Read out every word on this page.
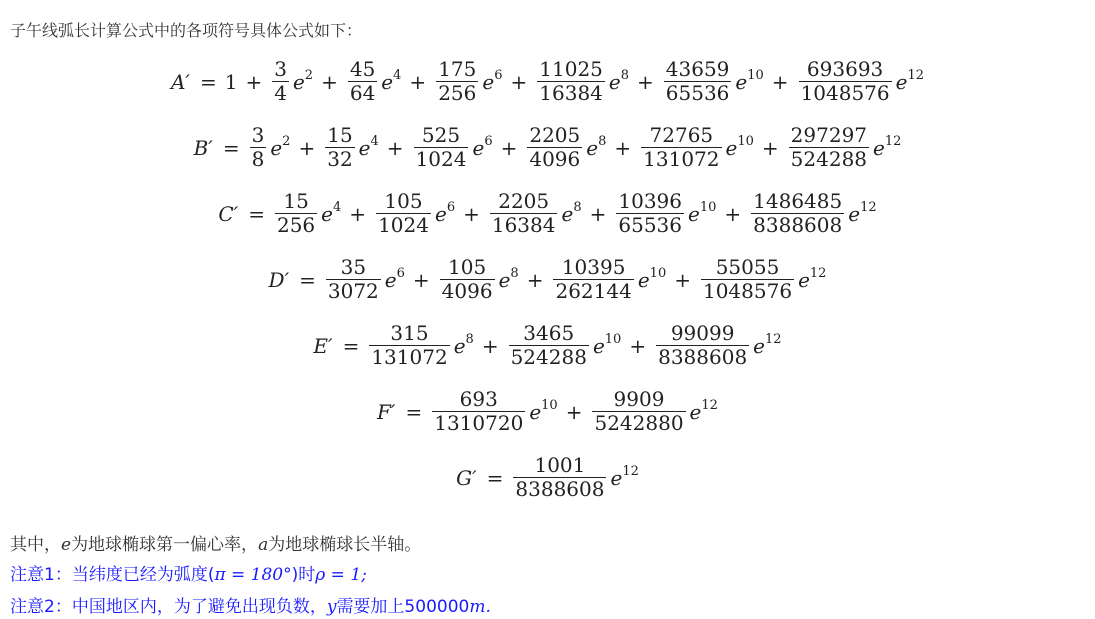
子午线弧长计算公式中的各项符号具体公式如下：
$A' = 1 + \frac{3}{4} e^2 + \frac{45}{64} e^4 + \frac{175}{256} e^6 + \frac{11025}{16384} e^8 + \frac{43659}{65536} e^{10} + \frac{693693}{1048576} e^{12}$
$B' = \frac{3}{8} e^2 + \frac{15}{32} e^4 + \frac{525}{1024} e^6 + \frac{2205}{4096} e^8 + \frac{72765}{131072} e^{10} + \frac{297297}{524288} e^{12}$
$C' = \frac{15}{256} e^4 + \frac{105}{1024} e^6 + \frac{2205}{16384} e^8 + \frac{10396}{65536} e^{10} + \frac{1486485}{8388608} e^{12}$
$D' = \frac{35}{3072} e^6 + \frac{105}{4096} e^8 + \frac{10395}{262144} e^{10} + \frac{55055}{1048576} e^{12}$
$E' = \frac{315}{131072} e^8 + \frac{3465}{524288} e^{10} + \frac{99099}{8388608} e^{12}$
$F' = \frac{693}{1310720} e^{10} + \frac{9909}{5242880} e^{12}$
$G' = \frac{1001}{8388608} e^{12}$
其中，e为地球椭球第一偏心率，a为地球椭球长半轴。
注意1：当纬度已经为弧度(π = 180°)时ρ = 1;
注意2：中国地区内，为了避免出现负数，y需要加上500000m.
